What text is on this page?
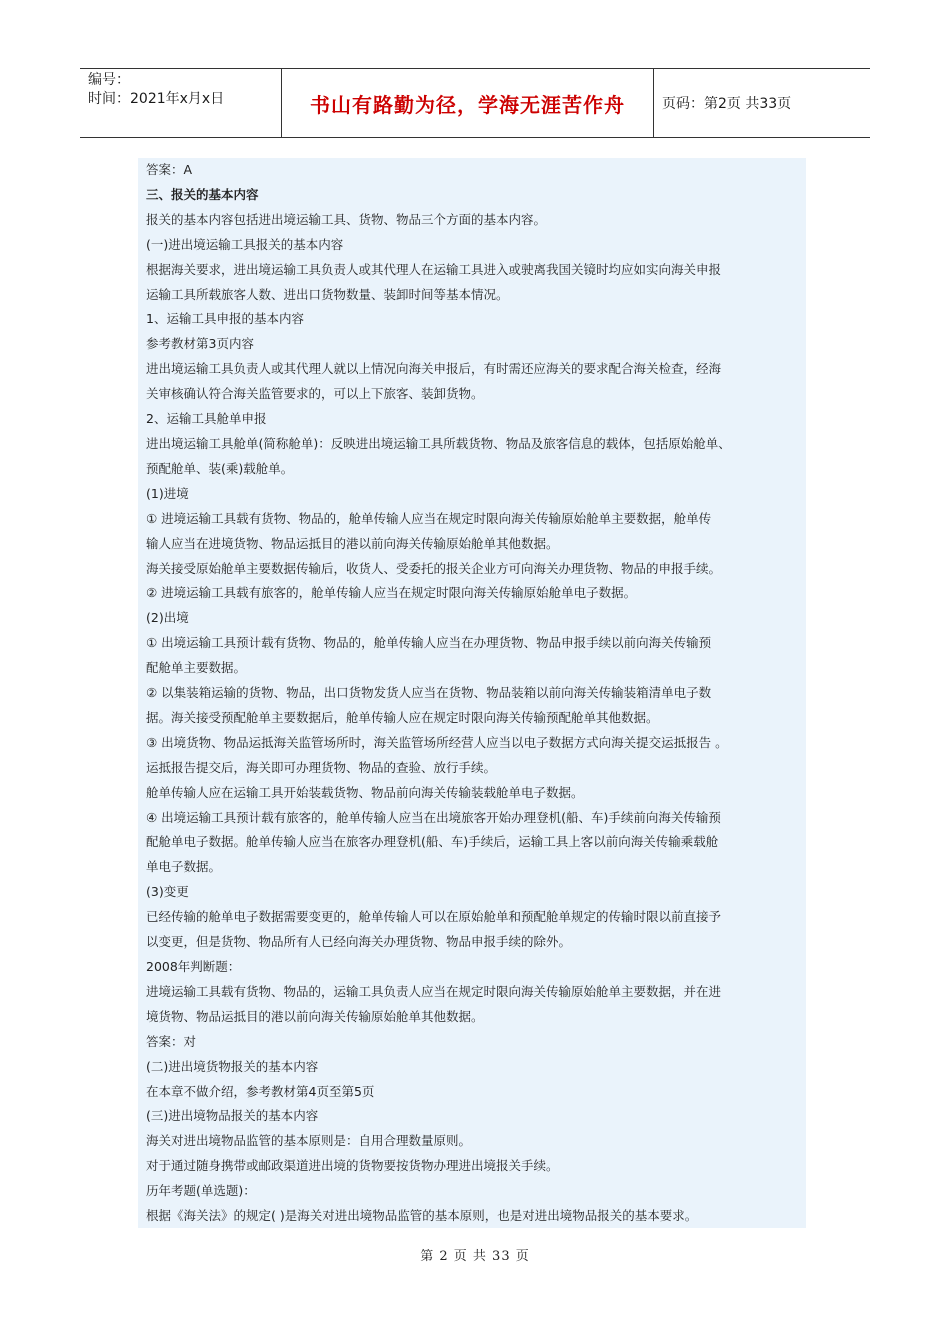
编号：
时间：2021年x月x日	书山有路勤为径，学海无涯苦作舟	页码：第2页 共33页

答案：A

三、报关的基本内容

报关的基本内容包括进出境运输工具、货物、物品三个方面的基本内容。

(一)进出境运输工具报关的基本内容

根据海关要求，进出境运输工具负责人或其代理人在运输工具进入或驶离我国关镜时均应如实向海关申报

运输工具所载旅客人数、进出口货物数量、装卸时间等基本情况。

1、运输工具申报的基本内容

参考教材第3页内容

进出境运输工具负责人或其代理人就以上情况向海关申报后，有时需还应海关的要求配合海关检查，经海

关审核确认符合海关监管要求的，可以上下旅客、装卸货物。

2、运输工具舱单申报

进出境运输工具舱单(简称舱单)：反映进出境运输工具所载货物、物品及旅客信息的载体，包括原始舱单、

预配舱单、装(乘)载舱单。

(1)进境

① 进境运输工具载有货物、物品的，舱单传输人应当在规定时限向海关传输原始舱单主要数据，舱单传

输人应当在进境货物、物品运抵目的港以前向海关传输原始舱单其他数据。

海关接受原始舱单主要数据传输后，收货人、受委托的报关企业方可向海关办理货物、物品的申报手续。

② 进境运输工具载有旅客的，舱单传输人应当在规定时限向海关传输原始舱单电子数据。

(2)出境

① 出境运输工具预计载有货物、物品的，舱单传输人应当在办理货物、物品申报手续以前向海关传输预

配舱单主要数据。

② 以集装箱运输的货物、物品，出口货物发货人应当在货物、物品装箱以前向海关传输装箱清单电子数

据。海关接受预配舱单主要数据后，舱单传输人应在规定时限向海关传输预配舱单其他数据。

③ 出境货物、物品运抵海关监管场所时，海关监管场所经营人应当以电子数据方式向海关提交运抵报告 。

运抵报告提交后，海关即可办理货物、物品的查验、放行手续。

舱单传输人应在运输工具开始装载货物、物品前向海关传输装载舱单电子数据。

④ 出境运输工具预计载有旅客的，舱单传输人应当在出境旅客开始办理登机(船、车)手续前向海关传输预

配舱单电子数据。舱单传输人应当在旅客办理登机(船、车)手续后，运输工具上客以前向海关传输乘载舱

单电子数据。

(3)变更

已经传输的舱单电子数据需要变更的，舱单传输人可以在原始舱单和预配舱单规定的传输时限以前直接予

以变更，但是货物、物品所有人已经向海关办理货物、物品申报手续的除外。

2008年判断题：

进境运输工具载有货物、物品的，运输工具负责人应当在规定时限向海关传输原始舱单主要数据，并在进

境货物、物品运抵目的港以前向海关传输原始舱单其他数据。

答案：对

(二)进出境货物报关的基本内容

在本章不做介绍，参考教材第4页至第5页

(三)进出境物品报关的基本内容

海关对进出境物品监管的基本原则是：自用合理数量原则。

对于通过随身携带或邮政渠道进出境的货物要按货物办理进出境报关手续。

历年考题(单选题)：

根据《海关法》的规定( )是海关对进出境物品监管的基本原则，也是对进出境物品报关的基本要求。

第 2 页 共 33 页
